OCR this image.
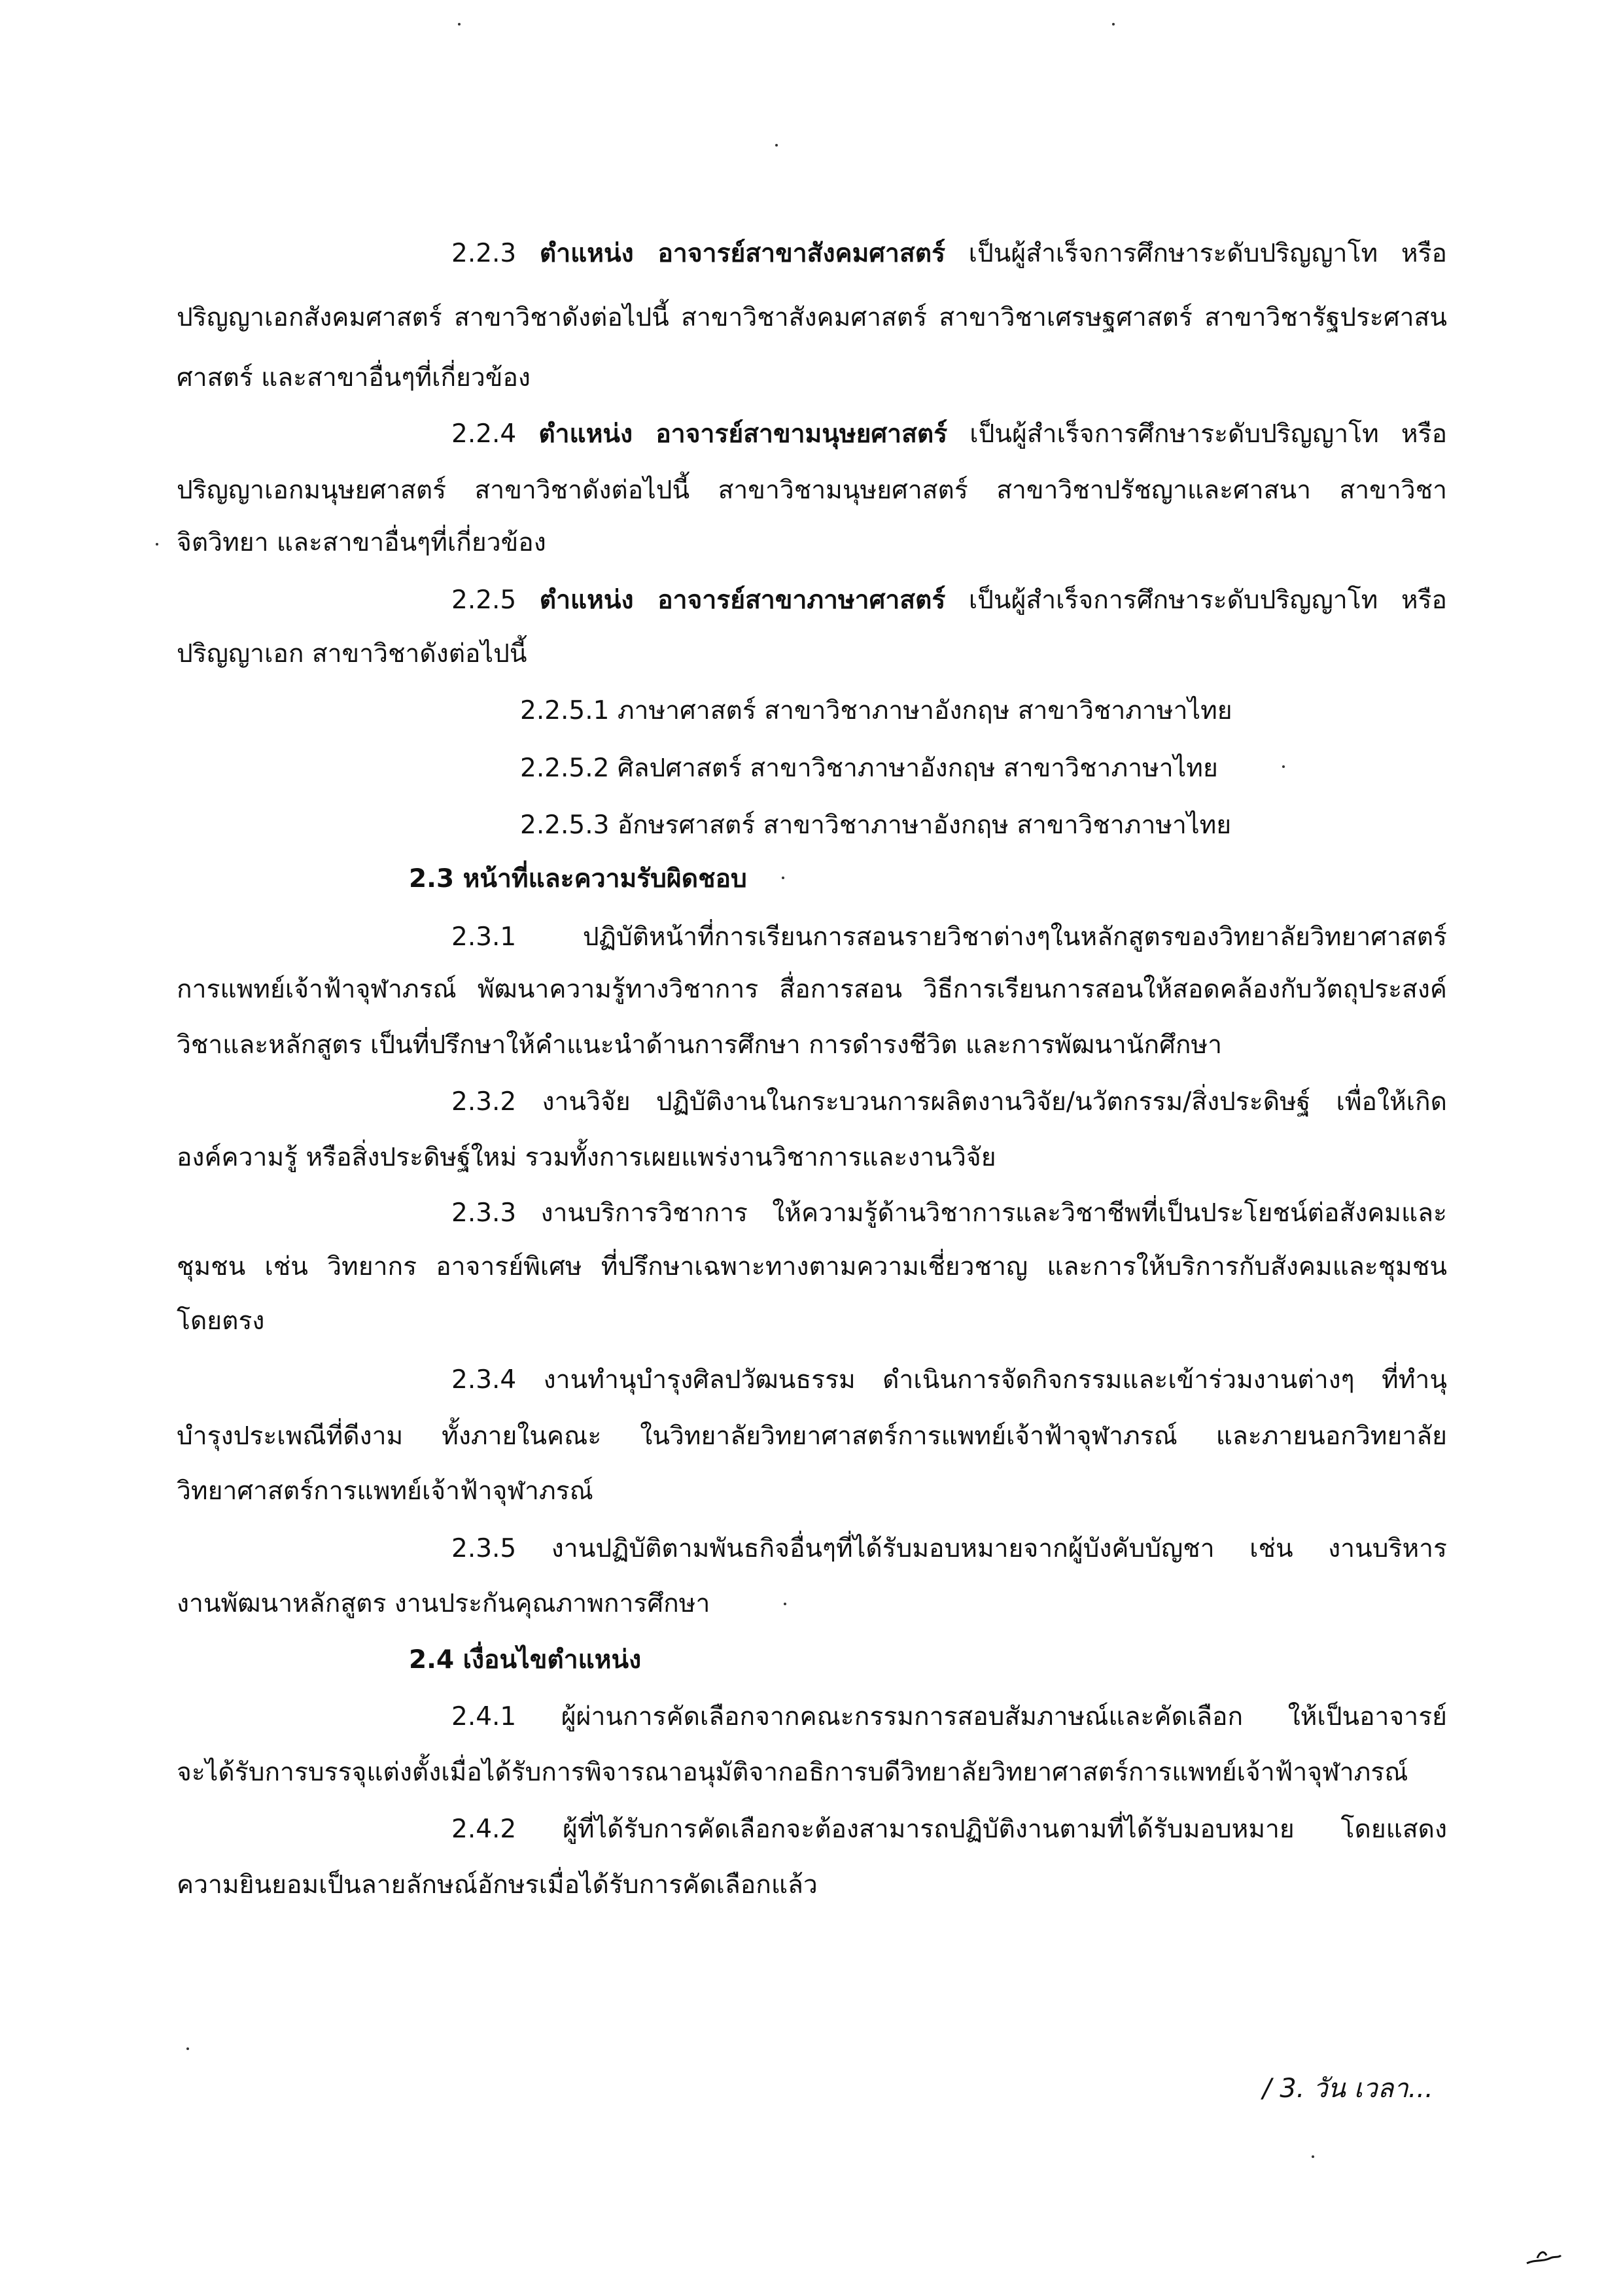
2.2.3 ตำแหน่ง อาจารย์สาขาสังคมศาสตร์ เป็นผู้สำเร็จการศึกษาระดับปริญญาโท หรือ
ปริญญาเอกสังคมศาสตร์ สาขาวิชาดังต่อไปนี้ สาขาวิชาสังคมศาสตร์ สาขาวิชาเศรษฐศาสตร์ สาขาวิชารัฐประศาสน
ศาสตร์ และสาขาอื่นๆที่เกี่ยวข้อง
2.2.4 ตำแหน่ง อาจารย์สาขามนุษยศาสตร์ เป็นผู้สำเร็จการศึกษาระดับปริญญาโท หรือ
ปริญญาเอกมนุษยศาสตร์ สาขาวิชาดังต่อไปนี้ สาขาวิชามนุษยศาสตร์ สาขาวิชาปรัชญาและศาสนา สาขาวิชา
จิตวิทยา และสาขาอื่นๆที่เกี่ยวข้อง
2.2.5 ตำแหน่ง อาจารย์สาขาภาษาศาสตร์ เป็นผู้สำเร็จการศึกษาระดับปริญญาโท หรือ
ปริญญาเอก สาขาวิชาดังต่อไปนี้
2.2.5.1 ภาษาศาสตร์ สาขาวิชาภาษาอังกฤษ สาขาวิชาภาษาไทย
2.2.5.2 ศิลปศาสตร์ สาขาวิชาภาษาอังกฤษ สาขาวิชาภาษาไทย
2.2.5.3 อักษรศาสตร์ สาขาวิชาภาษาอังกฤษ สาขาวิชาภาษาไทย
2.3 หน้าที่และความรับผิดชอบ
2.3.1 ปฏิบัติหน้าที่การเรียนการสอนรายวิชาต่างๆในหลักสูตรของวิทยาลัยวิทยาศาสตร์
การแพทย์เจ้าฟ้าจุฬาภรณ์ พัฒนาความรู้ทางวิชาการ สื่อการสอน วิธีการเรียนการสอนให้สอดคล้องกับวัตถุประสงค์
วิชาและหลักสูตร เป็นที่ปรึกษาให้คำแนะนำด้านการศึกษา การดำรงชีวิต และการพัฒนานักศึกษา
2.3.2 งานวิจัย ปฏิบัติงานในกระบวนการผลิตงานวิจัย/นวัตกรรม/สิ่งประดิษฐ์ เพื่อให้เกิด
องค์ความรู้ หรือสิ่งประดิษฐ์ใหม่ รวมทั้งการเผยแพร่งานวิชาการและงานวิจัย
2.3.3 งานบริการวิชาการ ให้ความรู้ด้านวิชาการและวิชาชีพที่เป็นประโยชน์ต่อสังคมและ
ชุมชน เช่น วิทยากร อาจารย์พิเศษ ที่ปรึกษาเฉพาะทางตามความเชี่ยวชาญ และการให้บริการกับสังคมและชุมชน
โดยตรง
2.3.4 งานทำนุบำรุงศิลปวัฒนธรรม ดำเนินการจัดกิจกรรมและเข้าร่วมงานต่างๆ ที่ทำนุ
บำรุงประเพณีที่ดีงาม ทั้งภายในคณะ ในวิทยาลัยวิทยาศาสตร์การแพทย์เจ้าฟ้าจุฬาภรณ์ และภายนอกวิทยาลัย
วิทยาศาสตร์การแพทย์เจ้าฟ้าจุฬาภรณ์
2.3.5 งานปฏิบัติตามพันธกิจอื่นๆที่ได้รับมอบหมายจากผู้บังคับบัญชา เช่น งานบริหาร
งานพัฒนาหลักสูตร งานประกันคุณภาพการศึกษา
2.4 เงื่อนไขตำแหน่ง
2.4.1 ผู้ผ่านการคัดเลือกจากคณะกรรมการสอบสัมภาษณ์และคัดเลือก ให้เป็นอาจารย์
จะได้รับการบรรจุแต่งตั้งเมื่อได้รับการพิจารณาอนุมัติจากอธิการบดีวิทยาลัยวิทยาศาสตร์การแพทย์เจ้าฟ้าจุฬาภรณ์
2.4.2 ผู้ที่ได้รับการคัดเลือกจะต้องสามารถปฏิบัติงานตามที่ได้รับมอบหมาย โดยแสดง
ความยินยอมเป็นลายลักษณ์อักษรเมื่อได้รับการคัดเลือกแล้ว
/ 3. วัน เวลา...
